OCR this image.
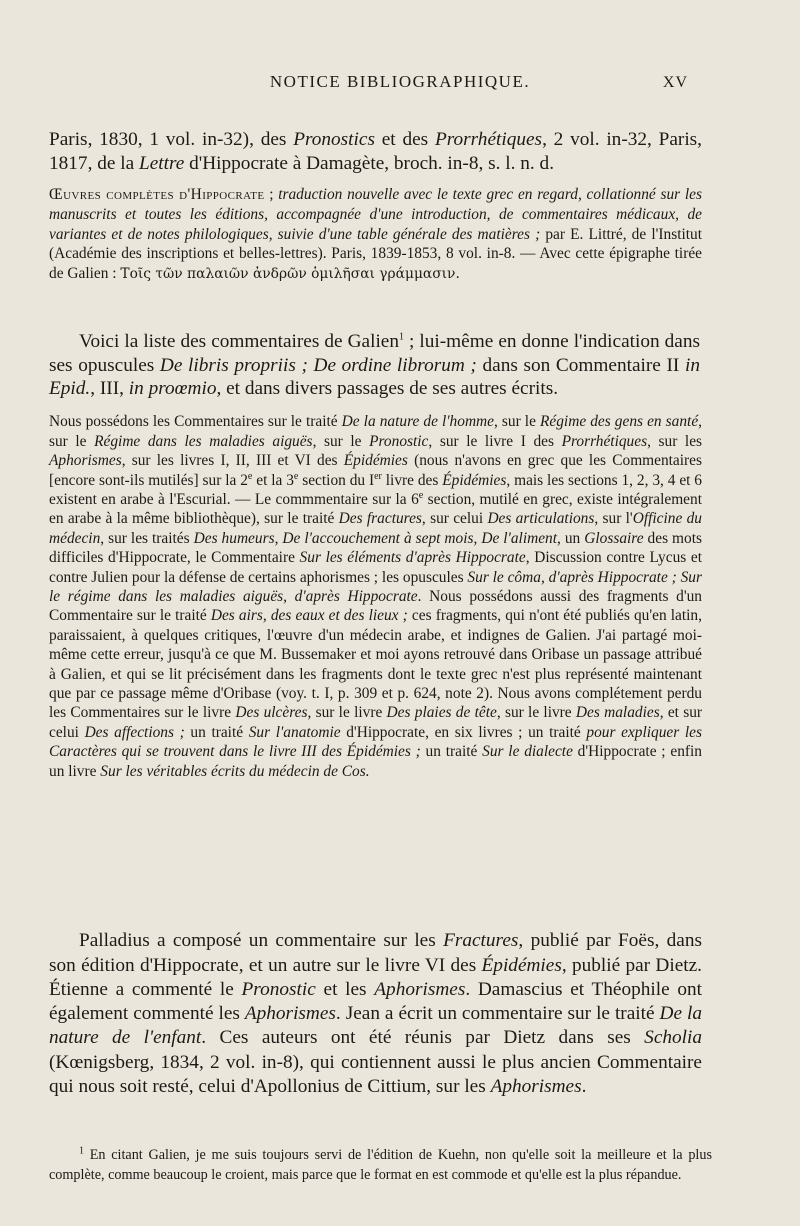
NOTICE BIBLIOGRAPHIQUE.	XV

Paris, 1830, 1 vol. in-32), des Pronostics et des Prorrhétiques, 2 vol. in-32, Paris, 1817, de la Lettre d'Hippocrate à Damagète, broch. in-8, s. l. n. d.

Œuvres complètes d'Hippocrate ; traduction nouvelle avec le texte grec en regard, collationné sur les manuscrits et toutes les éditions, accompagnée d'une introduction, de commentaires médicaux, de variantes et de notes philologiques, suivie d'une table générale des matières ; par E. Littré, de l'Institut (Académie des inscriptions et belles-lettres). Paris, 1839-1853, 8 vol. in-8. — Avec cette épigraphe tirée de Galien : Τοῖς τῶν παλαιῶν ἀνδρῶν ὁμιλῆσαι γράμμασιν.

Voici la liste des commentaires de Galien$^1$ ; lui-même en donne l'indication dans ses opuscules De libris propriis ; De ordine librorum ; dans son Commentaire II in Epid., III, in proœmio, et dans divers passages de ses autres écrits.

Nous possédons les Commentaires sur le traité De la nature de l'homme, sur le Régime des gens en santé, sur le Régime dans les maladies aiguës, sur le Pronostic, sur le livre I des Prorrhétiques, sur les Aphorismes, sur les livres I, II, III et VI des Épidémies (nous n'avons en grec que les Commentaires [encore sont-ils mutilés] sur la 2e et la 3e section du Ier livre des Épidémies, mais les sections 1, 2, 3, 4 et 6 existent en arabe à l'Escurial. — Le commmentaire sur la 6e section, mutilé en grec, existe intégralement en arabe à la même bibliothèque), sur le traité Des fractures, sur celui Des articulations, sur l'Officine du médecin, sur les traités Des humeurs, De l'accouchement à sept mois, De l'aliment, un Glossaire des mots difficiles d'Hippocrate, le Commentaire Sur les éléments d'après Hippocrate, Discussion contre Lycus et contre Julien pour la défense de certains aphorismes ; les opuscules Sur le côma, d'après Hippocrate ; Sur le régime dans les maladies aiguës, d'après Hippocrate. Nous possédons aussi des fragments d'un Commentaire sur le traité Des airs, des eaux et des lieux ; ces fragments, qui n'ont été publiés qu'en latin, paraissaient, à quelques critiques, l'œuvre d'un médecin arabe, et indignes de Galien. J'ai partagé moi-même cette erreur, jusqu'à ce que M. Bussemaker et moi ayons retrouvé dans Oribase un passage attribué à Galien, et qui se lit précisément dans les fragments dont le texte grec n'est plus représenté maintenant que par ce passage même d'Oribase (voy. t. I, p. 309 et p. 624, note 2). Nous avons complétement perdu les Commentaires sur le livre Des ulcères, sur le livre Des plaies de tête, sur le livre Des maladies, et sur celui Des affections ; un traité Sur l'anatomie d'Hippocrate, en six livres ; un traité pour expliquer les Caractères qui se trouvent dans le livre III des Épidémies ; un traité Sur le dialecte d'Hippocrate ; enfin un livre Sur les véritables écrits du médecin de Cos.

Palladius a composé un commentaire sur les Fractures, publié par Foës, dans son édition d'Hippocrate, et un autre sur le livre VI des Épidémies, publié par Dietz. Étienne a commenté le Pronostic et les Aphorismes. Damascius et Théophile ont également commenté les Aphorismes. Jean a écrit un commentaire sur le traité De la nature de l'enfant. Ces auteurs ont été réunis par Dietz dans ses Scholia (Kœnigsberg, 1834, 2 vol. in-8), qui contiennent aussi le plus ancien Commentaire qui nous soit resté, celui d'Apollonius de Cittium, sur les Aphorismes.

$^1$ En citant Galien, je me suis toujours servi de l'édition de Kuehn, non qu'elle soit la meilleure et la plus complète, comme beaucoup le croient, mais parce que le format en est commode et qu'elle est la plus répandue.
